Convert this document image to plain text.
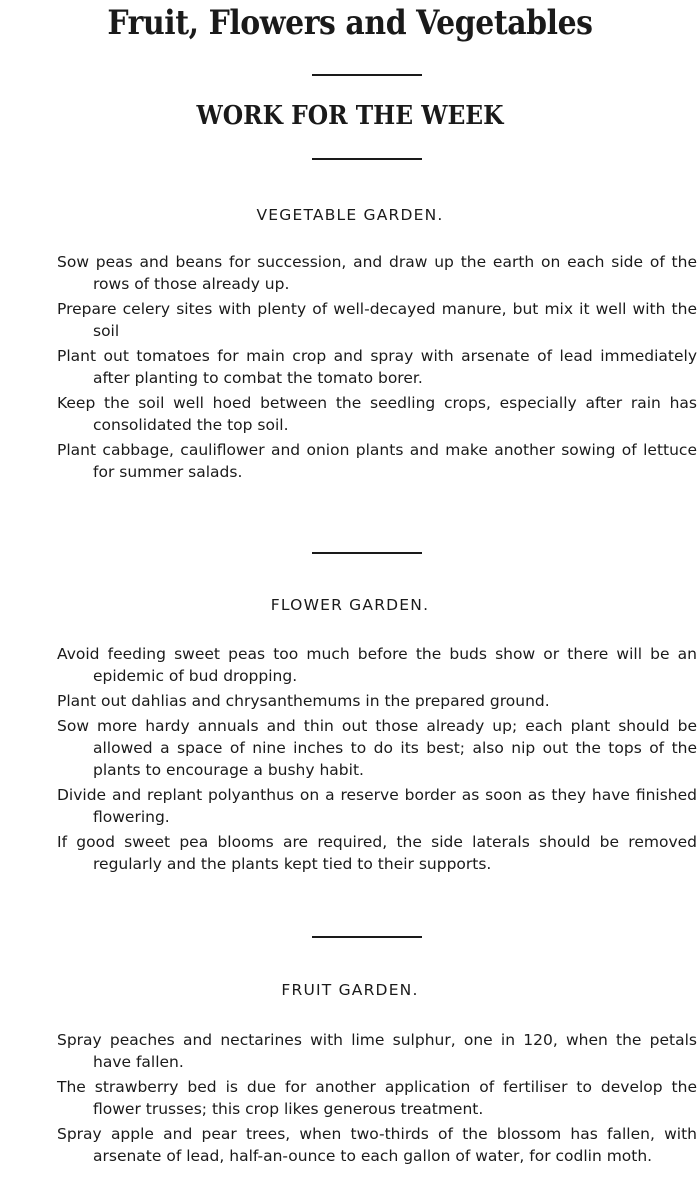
Fruit, Flowers and Vegetables
WORK FOR THE WEEK
VEGETABLE GARDEN.
Sow peas and beans for succession, and draw up the earth on each side of the rows of those already up.
Prepare celery sites with plenty of well-decayed manure, but mix it well with the soil
Plant out tomatoes for main crop and spray with arsenate of lead immediately after planting to combat the tomato borer.
Keep the soil well hoed between the seedling crops, especially after rain has consolidated the top soil.
Plant cabbage, cauliflower and onion plants and make another sowing of lettuce for summer salads.
FLOWER GARDEN.
Avoid feeding sweet peas too much before the buds show or there will be an epidemic of bud dropping.
Plant out dahlias and chrysanthemums in the prepared ground.
Sow more hardy annuals and thin out those already up; each plant should be allowed a space of nine inches to do its best; also nip out the tops of the plants to encourage a bushy habit.
Divide and replant polyanthus on a reserve border as soon as they have finished flowering.
If good sweet pea blooms are required, the side laterals should be removed regularly and the plants kept tied to their supports.
FRUIT GARDEN.
Spray peaches and nectarines with lime sulphur, one in 120, when the petals have fallen.
The strawberry bed is due for another application of fertiliser to develop the flower trusses; this crop likes generous treatment.
Spray apple and pear trees, when two-thirds of the blossom has fallen, with arsenate of lead, half-an-ounce to each gallon of water, for codlin moth.
